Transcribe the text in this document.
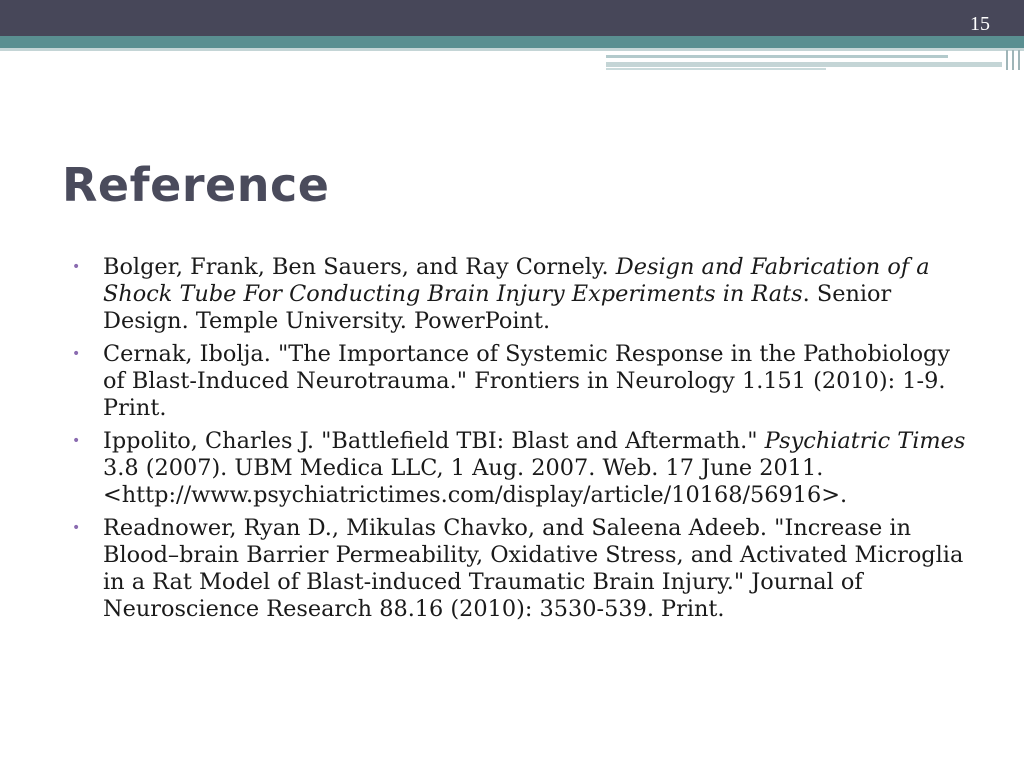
15
Reference
• Bolger, Frank, Ben Sauers, and Ray Cornely. Design and Fabrication of a Shock Tube For Conducting Brain Injury Experiments in Rats. Senior Design. Temple University. PowerPoint.
• Cernak, Ibolja. "The Importance of Systemic Response in the Pathobiology of Blast-Induced Neurotrauma." Frontiers in Neurology 1.151 (2010): 1-9. Print.
• Ippolito, Charles J. "Battlefield TBI: Blast and Aftermath." Psychiatric Times 3.8 (2007). UBM Medica LLC, 1 Aug. 2007. Web. 17 June 2011. <http://www.psychiatrictimes.com/display/article/10168/56916>.
• Readnower, Ryan D., Mikulas Chavko, and Saleena Adeeb. "Increase in Blood–brain Barrier Permeability, Oxidative Stress, and Activated Microglia in a Rat Model of Blast-induced Traumatic Brain Injury." Journal of Neuroscience Research 88.16 (2010): 3530-539. Print.
